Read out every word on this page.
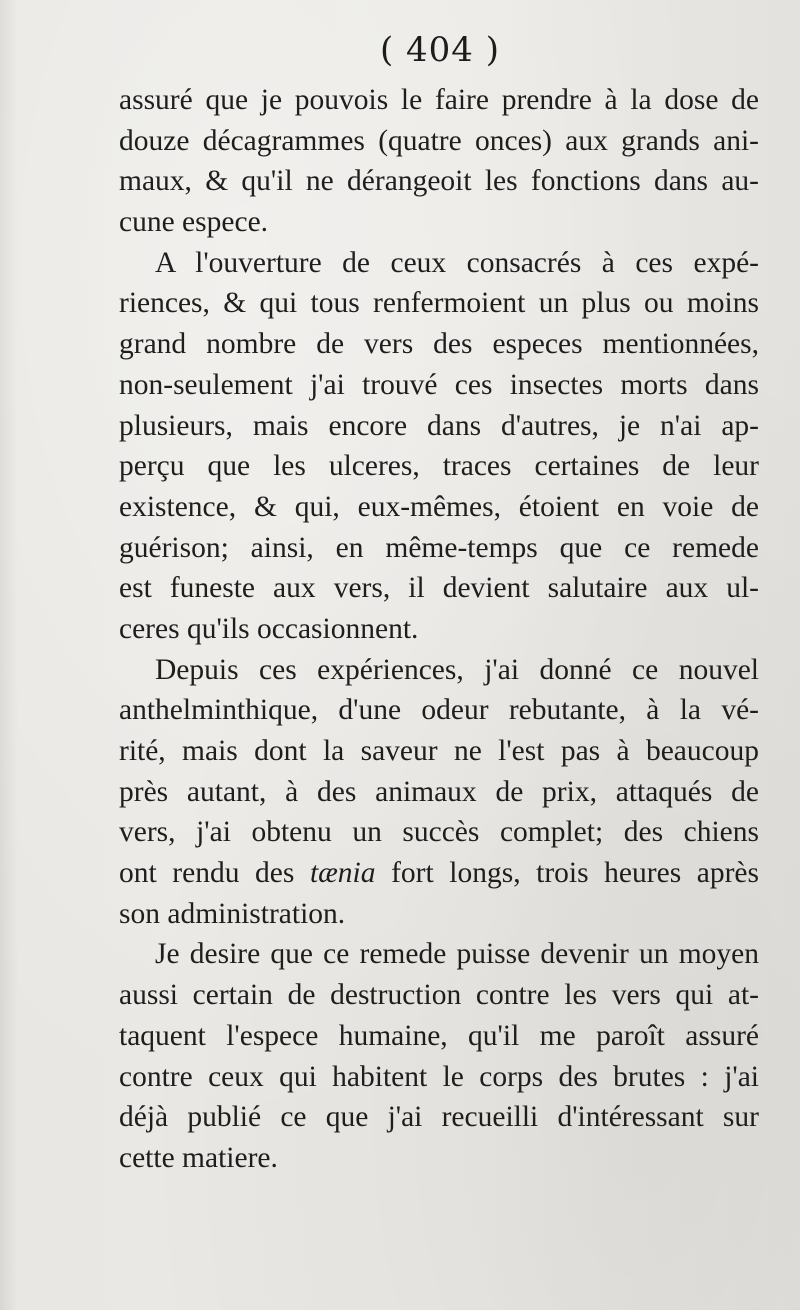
( 404 )
assuré que je pouvois le faire prendre à la dose de
douze décagrammes (quatre onces) aux grands ani-
maux, & qu'il ne dérangeoit les fonctions dans au-
cune espece.
A l'ouverture de ceux consacrés à ces expé-
riences, & qui tous renfermoient un plus ou moins
grand nombre de vers des especes mentionnées,
non-seulement j'ai trouvé ces insectes morts dans
plusieurs, mais encore dans d'autres, je n'ai ap-
perçu que les ulceres, traces certaines de leur
existence, & qui, eux-mêmes, étoient en voie de
guérison; ainsi, en même-temps que ce remede
est funeste aux vers, il devient salutaire aux ul-
ceres qu'ils occasionnent.
Depuis ces expériences, j'ai donné ce nouvel
anthelminthique, d'une odeur rebutante, à la vé-
rité, mais dont la saveur ne l'est pas à beaucoup
près autant, à des animaux de prix, attaqués de
vers, j'ai obtenu un succès complet; des chiens
ont rendu des tænia fort longs, trois heures après
son administration.
Je desire que ce remede puisse devenir un moyen
aussi certain de destruction contre les vers qui at-
taquent l'espece humaine, qu'il me paroît assuré
contre ceux qui habitent le corps des brutes : j'ai
déjà publié ce que j'ai recueilli d'intéressant sur
cette matiere.
